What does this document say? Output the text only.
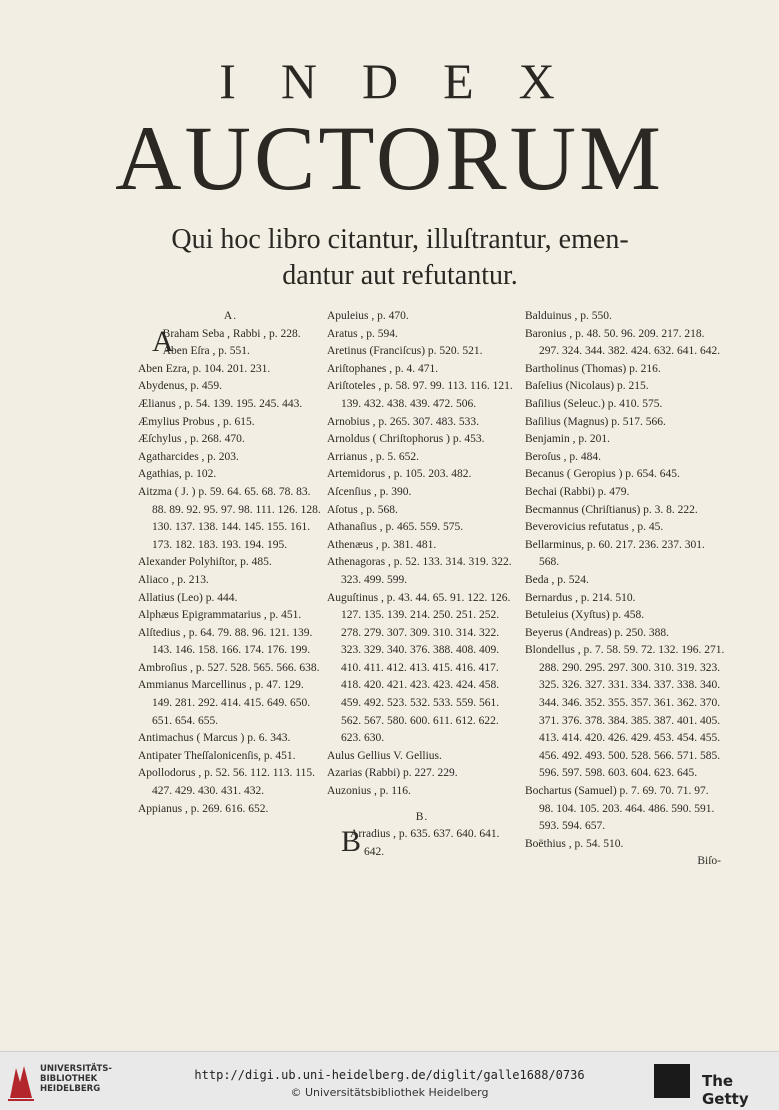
INDEX
AUCTORUM
Qui hoc libro citantur, illuſtrantur, emen-
dantur aut refutantur.
A.
A
Braham Seba , Rabbi , p. 228.
Aben Eſra , p. 551.
Aben Ezra, p. 104. 201. 231.
Abydenus, p. 459.
Ælianus , p. 54. 139. 195. 245. 443.
Æmylius Probus , p. 615.
Æſchylus , p. 268. 470.
Agatharcides , p. 203.
Agathias, p. 102.
Aitzma ( J. ) p. 59. 64. 65. 68. 78. 83. 88. 89. 92. 95. 97. 98. 111. 126. 128. 130. 137. 138. 144. 145. 155. 161. 173. 182. 183. 193. 194. 195.
Alexander Polyhiſtor, p. 485.
Aliaco , p. 213.
Allatius (Leo) p. 444.
Alphæus Epigrammatarius , p. 451.
Alſtedius , p. 64. 79. 88. 96. 121. 139. 143. 146. 158. 166. 174. 176. 199.
Ambroſius , p. 527. 528. 565. 566. 638.
Ammianus Marcellinus , p. 47. 129. 149. 281. 292. 414. 415. 649. 650. 651. 654. 655.
Antimachus ( Marcus ) p. 6. 343.
Antipater Theſſalonicenſis, p. 451.
Apollodorus , p. 52. 56. 112. 113. 115. 427. 429. 430. 431. 432.
Appianus , p. 269. 616. 652.
Apuleius , p. 470.
Aratus , p. 594.
Aretinus (Franciſcus) p. 520. 521.
Ariſtophanes , p. 4. 471.
Ariſtoteles , p. 58. 97. 99. 113. 116. 121. 139. 432. 438. 439. 472. 506.
Arnobius , p. 265. 307. 483. 533.
Arnoldus ( Chriſtophorus ) p. 453.
Arrianus , p. 5. 652.
Artemidorus , p. 105. 203. 482.
Aſcenſius , p. 390.
Aſotus , p. 568.
Athanaſius , p. 465. 559. 575.
Athenæus , p. 381. 481.
Athenagoras , p. 52. 133. 314. 319. 322. 323. 499. 599.
Auguſtinus , p. 43. 44. 65. 91. 122. 126. 127. 135. 139. 214. 250. 251. 252. 278. 279. 307. 309. 310. 314. 322. 323. 329. 340. 376. 388. 408. 409. 410. 411. 412. 413. 415. 416. 417. 418. 420. 421. 423. 423. 424. 458. 459. 492. 523. 532. 533. 559. 561. 562. 567. 580. 600. 611. 612. 622. 623. 630.
Aulus Gellius V. Gellius.
Azarias (Rabbi) p. 227. 229.
Auzonius , p. 116.
B.
B
Arradius , p. 635. 637. 640. 641. 642.
Balduinus , p. 550.
Baronius , p. 48. 50. 96. 209. 217. 218. 297. 324. 344. 382. 424. 632. 641. 642.
Bartholinus (Thomas) p. 216.
Baſelius (Nicolaus) p. 215.
Baſilius (Seleuc.) p. 410. 575.
Baſilius (Magnus) p. 517. 566.
Benjamin , p. 201.
Beroſus , p. 484.
Becanus ( Geropius ) p. 654. 645.
Bechai (Rabbi) p. 479.
Becmannus (Chriſtianus) p. 3. 8. 222.
Beverovicius refutatus , p. 45.
Bellarminus, p. 60. 217. 236. 237. 301. 568.
Beda , p. 524.
Bernardus , p. 214. 510.
Betuleius (Xyſtus) p. 458.
Beyerus (Andreas) p. 250. 388.
Blondellus , p. 7. 58. 59. 72. 132. 196. 271. 288. 290. 295. 297. 300. 310. 319. 323. 325. 326. 327. 331. 334. 337. 338. 340. 344. 346. 352. 355. 357. 361. 362. 370. 371. 376. 378. 384. 385. 387. 401. 405. 413. 414. 420. 426. 429. 453. 454. 455. 456. 492. 493. 500. 528. 566. 571. 585. 596. 597. 598. 603. 604. 623. 645.
Bochartus (Samuel) p. 7. 69. 70. 71. 97. 98. 104. 105. 203. 464. 486. 590. 591. 593. 594. 657.
Boëthius , p. 54. 510.
Biſo-
UNIVERSITÄTS-
BIBLIOTHEK
HEIDELBERG
http://digi.ub.uni-heidelberg.de/diglit/galle1688/0736
© Universitätsbibliothek Heidelberg
The Getty
